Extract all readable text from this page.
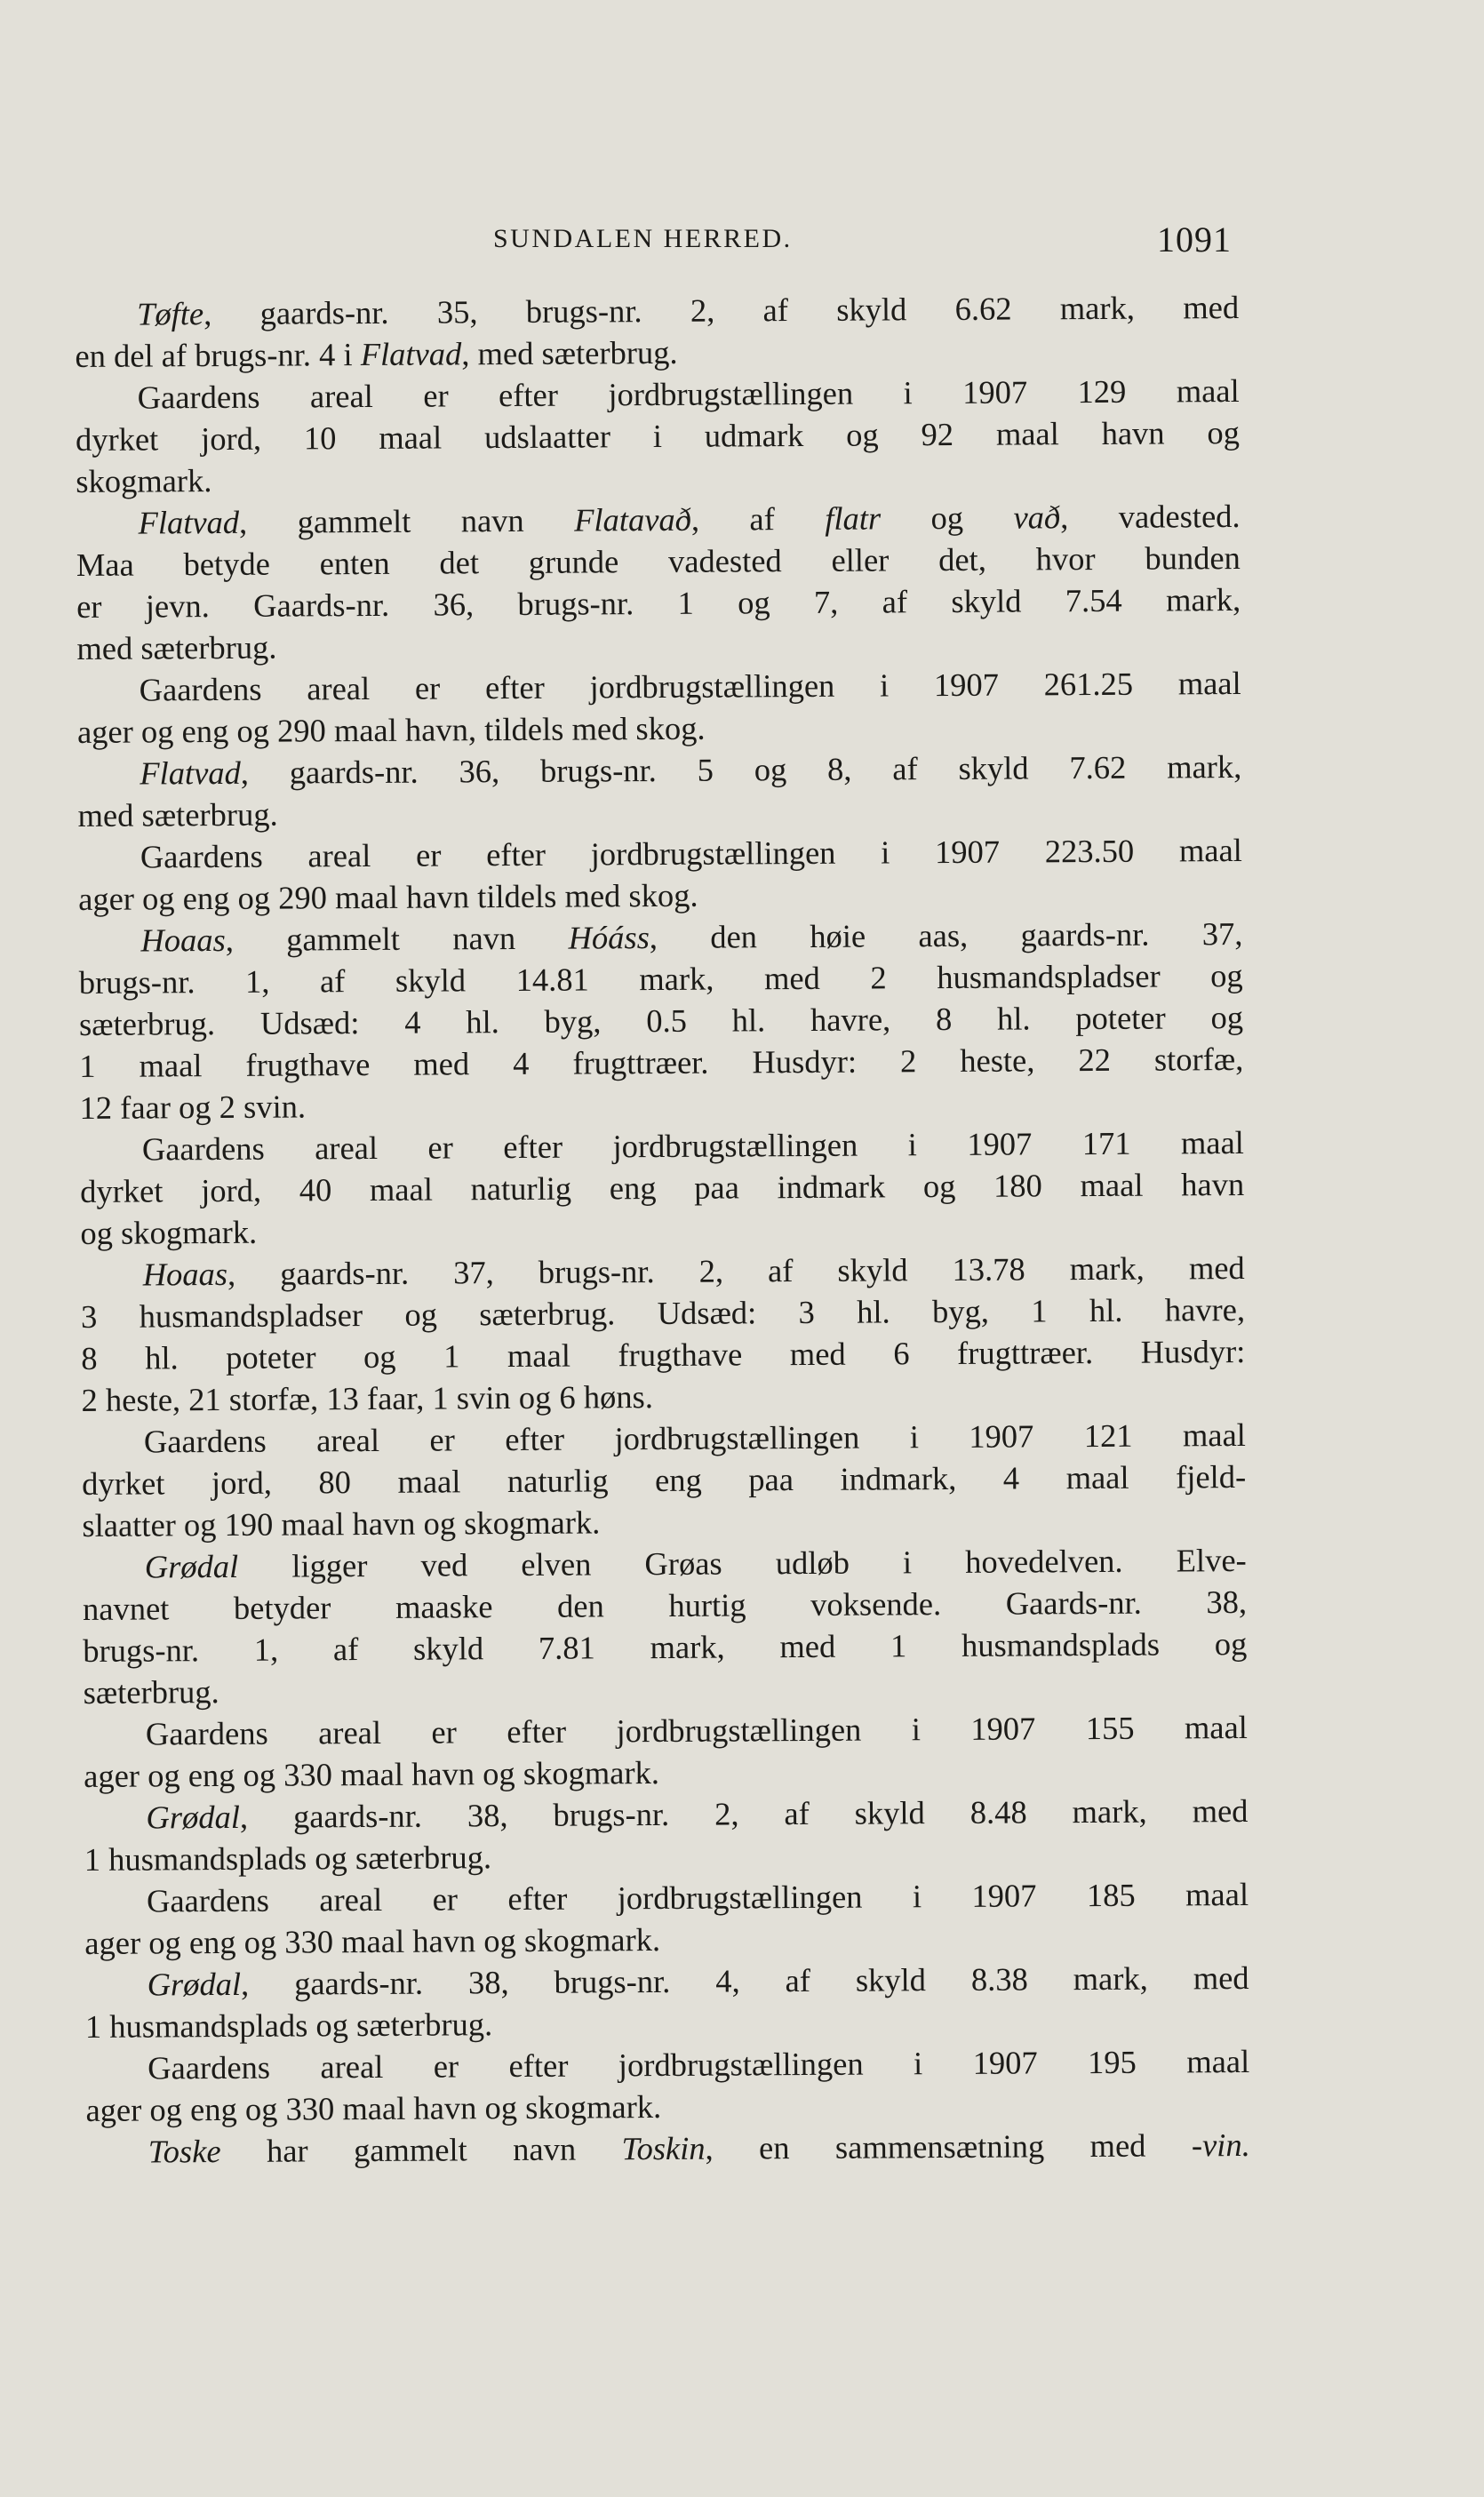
SUNDALEN HERRED.	1091
Tøfte, gaards-nr. 35, brugs-nr. 2, af skyld 6.62 mark, med
en del af brugs-nr. 4 i Flatvad, med sæterbrug.
Gaardens areal er efter jordbrugstællingen i 1907 129 maal
dyrket jord, 10 maal udslaatter i udmark og 92 maal havn og
skogmark.
Flatvad, gammelt navn Flatavað, af flatr og vað, vadested.
Maa betyde enten det grunde vadested eller det, hvor bunden
er jevn. Gaards-nr. 36, brugs-nr. 1 og 7, af skyld 7.54 mark,
med sæterbrug.
Gaardens areal er efter jordbrugstællingen i 1907 261.25 maal
ager og eng og 290 maal havn, tildels med skog.
Flatvad, gaards-nr. 36, brugs-nr. 5 og 8, af skyld 7.62 mark,
med sæterbrug.
Gaardens areal er efter jordbrugstællingen i 1907 223.50 maal
ager og eng og 290 maal havn tildels med skog.
Hoaas, gammelt navn Hóáss, den høie aas, gaards-nr. 37,
brugs-nr. 1, af skyld 14.81 mark, med 2 husmandspladser og
sæterbrug. Udsæd: 4 hl. byg, 0.5 hl. havre, 8 hl. poteter og
1 maal frugthave med 4 frugttræer. Husdyr: 2 heste, 22 storfæ,
12 faar og 2 svin.
Gaardens areal er efter jordbrugstællingen i 1907 171 maal
dyrket jord, 40 maal naturlig eng paa indmark og 180 maal havn
og skogmark.
Hoaas, gaards-nr. 37, brugs-nr. 2, af skyld 13.78 mark, med
3 husmandspladser og sæterbrug. Udsæd: 3 hl. byg, 1 hl. havre,
8 hl. poteter og 1 maal frugthave med 6 frugttræer. Husdyr:
2 heste, 21 storfæ, 13 faar, 1 svin og 6 høns.
Gaardens areal er efter jordbrugstællingen i 1907 121 maal
dyrket jord, 80 maal naturlig eng paa indmark, 4 maal fjeld-
slaatter og 190 maal havn og skogmark.
Grødal ligger ved elven Grøas udløb i hovedelven. Elve-
navnet betyder maaske den hurtig voksende. Gaards-nr. 38,
brugs-nr. 1, af skyld 7.81 mark, med 1 husmandsplads og
sæterbrug.
Gaardens areal er efter jordbrugstællingen i 1907 155 maal
ager og eng og 330 maal havn og skogmark.
Grødal, gaards-nr. 38, brugs-nr. 2, af skyld 8.48 mark, med
1 husmandsplads og sæterbrug.
Gaardens areal er efter jordbrugstællingen i 1907 185 maal
ager og eng og 330 maal havn og skogmark.
Grødal, gaards-nr. 38, brugs-nr. 4, af skyld 8.38 mark, med
1 husmandsplads og sæterbrug.
Gaardens areal er efter jordbrugstællingen i 1907 195 maal
ager og eng og 330 maal havn og skogmark.
Toske har gammelt navn Toskin, en sammensætning med -vin.
